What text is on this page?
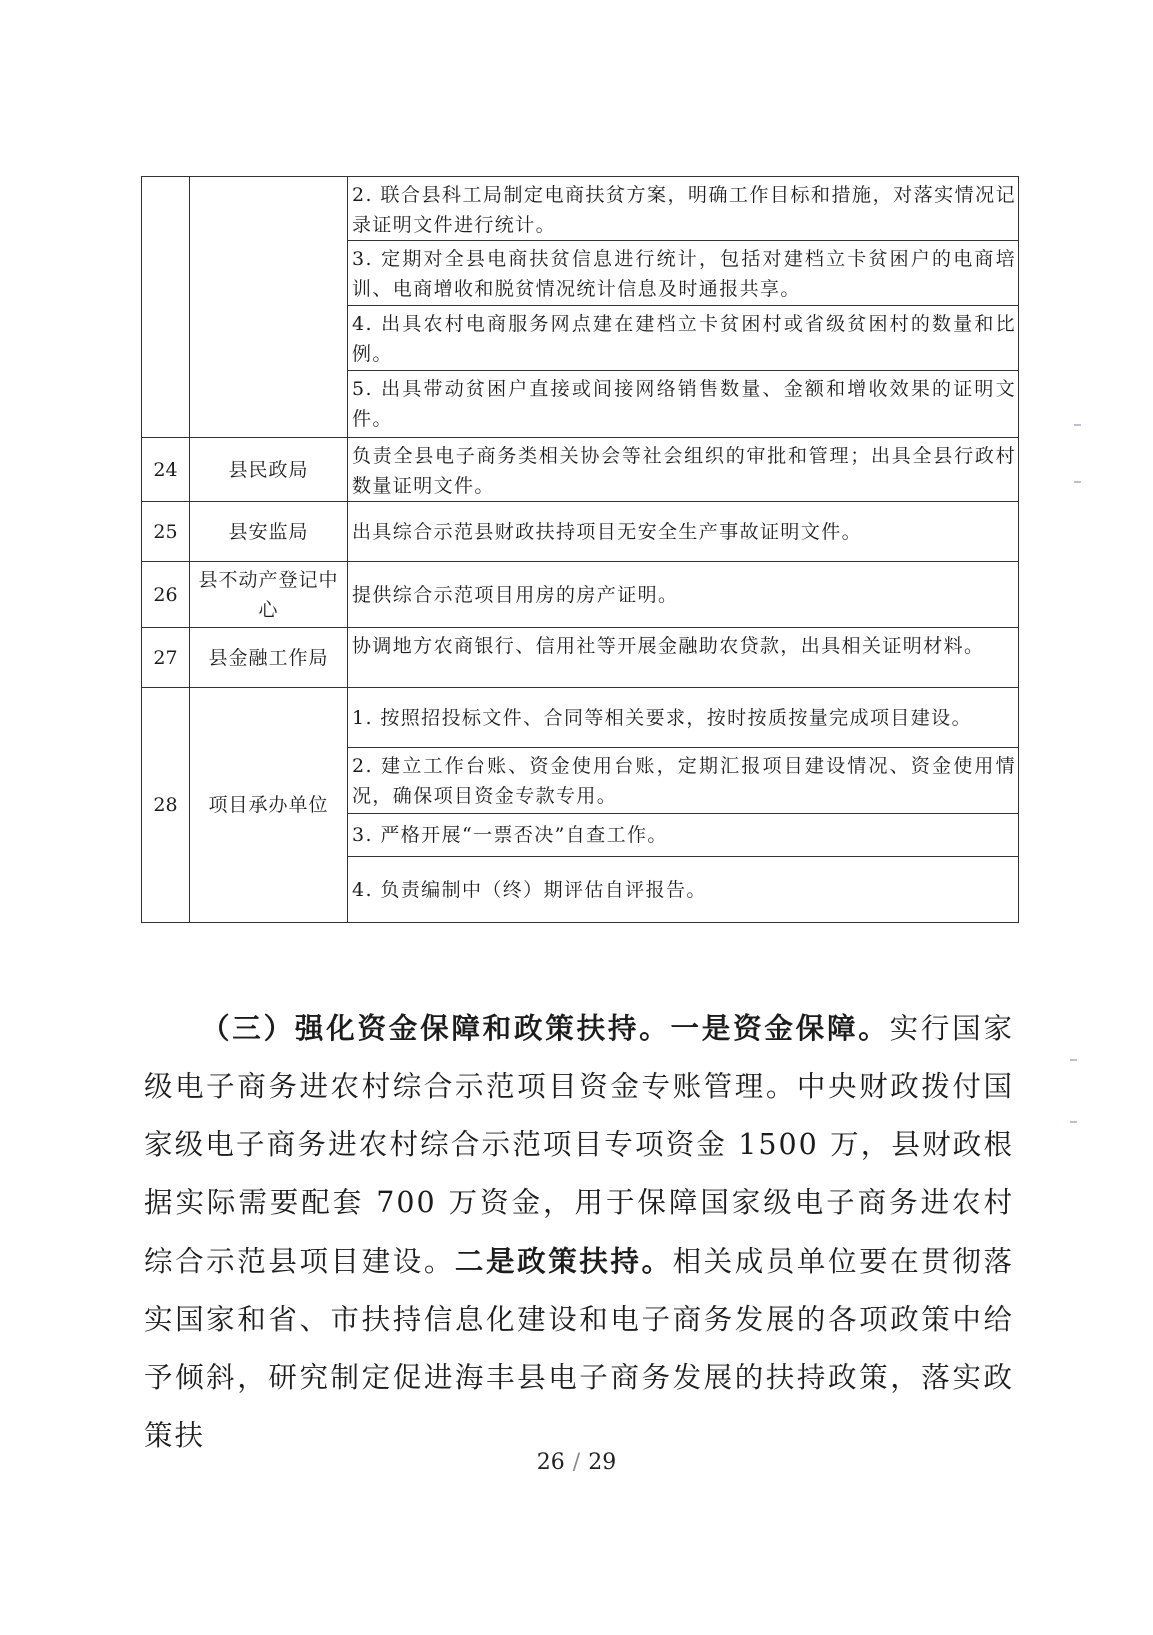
		2. 联合县科工局制定电商扶贫方案，明确工作目标和措施，对落实情况记录证明文件进行统计。
		3. 定期对全县电商扶贫信息进行统计，包括对建档立卡贫困户的电商培训、电商增收和脱贫情况统计信息及时通报共享。
		4. 出具农村电商服务网点建在建档立卡贫困村或省级贫困村的数量和比例。
		5. 出具带动贫困户直接或间接网络销售数量、金额和增收效果的证明文件。
24	县民政局	负责全县电子商务类相关协会等社会组织的审批和管理；出具全县行政村数量证明文件。
25	县安监局	出具综合示范县财政扶持项目无安全生产事故证明文件。
26	县不动产登记中心	提供综合示范项目用房的房产证明。
27	县金融工作局	协调地方农商银行、信用社等开展金融助农贷款，出具相关证明材料。
28	项目承办单位	1. 按照招投标文件、合同等相关要求，按时按质按量完成项目建设。
		2. 建立工作台账、资金使用台账，定期汇报项目建设情况、资金使用情况，确保项目资金专款专用。
		3. 严格开展“一票否决”自查工作。
		4. 负责编制中（终）期评估自评报告。

（三）强化资金保障和政策扶持。一是资金保障。实行国家级电子商务进农村综合示范项目资金专账管理。中央财政拨付国家级电子商务进农村综合示范项目专项资金 1500 万，县财政根据实际需要配套 700 万资金，用于保障国家级电子商务进农村综合示范县项目建设。二是政策扶持。相关成员单位要在贯彻落实国家和省、市扶持信息化建设和电子商务发展的各项政策中给予倾斜，研究制定促进海丰县电子商务发展的扶持政策，落实政策扶

26 / 29
